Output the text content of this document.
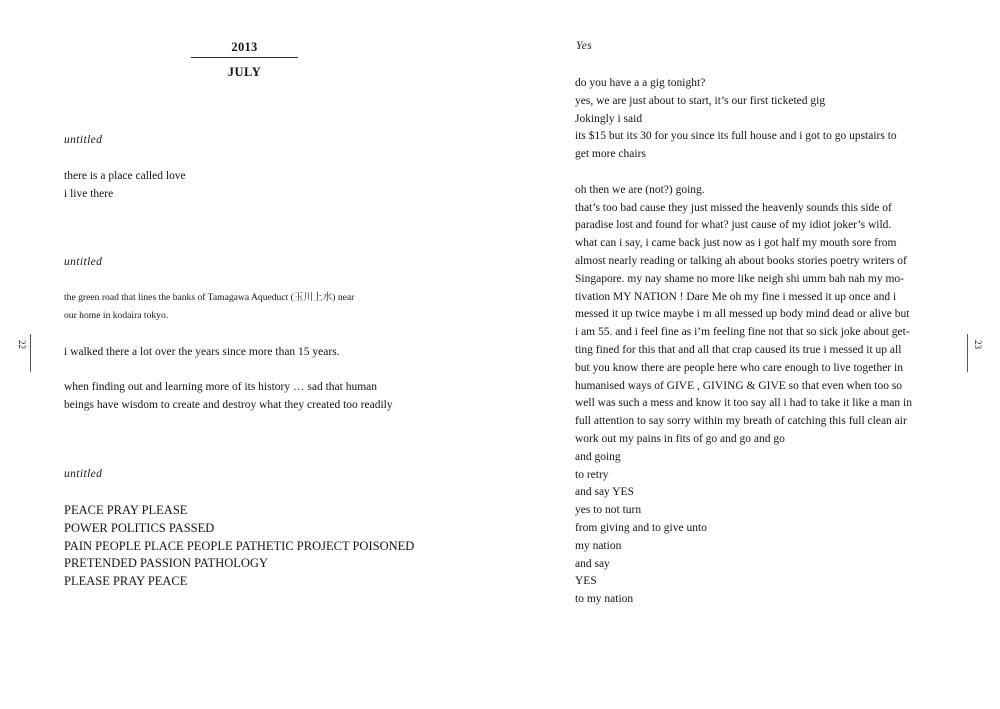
2013
JULY
untitled
there is a place called love
i live there
untitled
the green road that lines the banks of Tamagawa Aqueduct (玉川上水) near
our home in kodaira tokyo.
i walked there a lot over the years since more than 15 years.
when finding out and learning more of its history … sad that human
beings have wisdom to create and destroy what they created too readily
untitled
PEACE PRAY PLEASE
POWER POLITICS PASSED
PAIN PEOPLE PLACE PEOPLE PATHETIC PROJECT POISONED
PRETENDED PASSION PATHOLOGY
PLEASE PRAY PEACE
22
Yes
23
do you have a a gig tonight?
yes, we are just about to start, it’s our first ticketed gig
Jokingly i said
its $15 but its 30 for you since its full house and i got to go upstairs to
get more chairs
oh then we are (not?) going.
that’s too bad cause they just missed the heavenly sounds this side of
paradise lost and found for what? just cause of my idiot joker’s wild.
what can i say, i came back just now as i got half my mouth sore from
almost nearly reading or talking ah about books stories poetry writers of
Singapore. my nay shame no more like neigh shi umm bah nah my mo-
tivation MY NATION ! Dare Me oh my fine i messed it up once and i
messed it up twice maybe i m all messed up body mind dead or alive but
i am 55. and i feel fine as i’m feeling fine not that so sick joke about get-
ting fined for this that and all that crap caused its true i messed it up all
but you know there are people here who care enough to live together in
humanised ways of GIVE , GIVING & GIVE so that even when too so
well was such a mess and know it too say all i had to take it like a man in
full attention to say sorry within my breath of catching this full clean air
work out my pains in fits of go and go and go
and going
to retry
and say YES
yes to not turn
from giving and to give unto
my nation
and say
YES
to my nation
